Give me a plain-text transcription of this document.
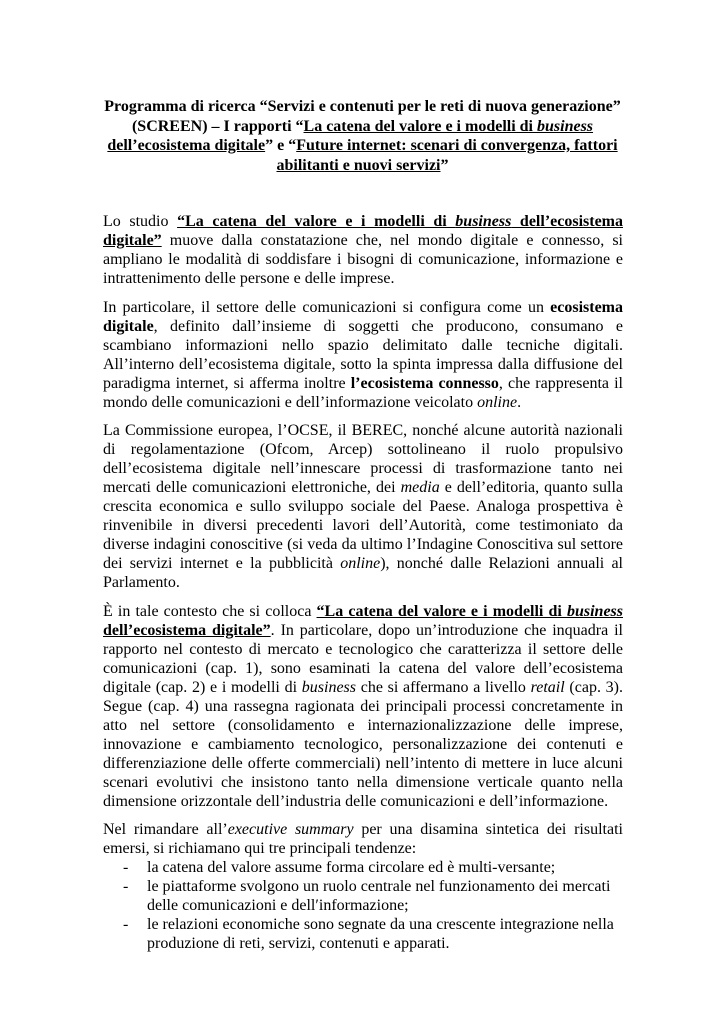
Programma di ricerca “Servizi e contenuti per le reti di nuova generazione” (SCREEN) – I rapporti “La catena del valore e i modelli di business dell’ecosistema digitale” e “Future internet: scenari di convergenza, fattori abilitanti e nuovi servizi”

Lo studio “La catena del valore e i modelli di business dell’ecosistema digitale” muove dalla constatazione che, nel mondo digitale e connesso, si ampliano le modalità di soddisfare i bisogni di comunicazione, informazione e intrattenimento delle persone e delle imprese.

In particolare, il settore delle comunicazioni si configura come un ecosistema digitale, definito dall’insieme di soggetti che producono, consumano e scambiano informazioni nello spazio delimitato dalle tecniche digitali. All’interno dell’ecosistema digitale, sotto la spinta impressa dalla diffusione del paradigma internet, si afferma inoltre l’ecosistema connesso, che rappresenta il mondo delle comunicazioni e dell’informazione veicolato online.

La Commissione europea, l’OCSE, il BEREC, nonché alcune autorità nazionali di regolamentazione (Ofcom, Arcep) sottolineano il ruolo propulsivo dell’ecosistema digitale nell’innescare processi di trasformazione tanto nei mercati delle comunicazioni elettroniche, dei media e dell’editoria, quanto sulla crescita economica e sullo sviluppo sociale del Paese. Analoga prospettiva è rinvenibile in diversi precedenti lavori dell’Autorità, come testimoniato da diverse indagini conoscitive (si veda da ultimo l’Indagine Conoscitiva sul settore dei servizi internet e la pubblicità online), nonché dalle Relazioni annuali al Parlamento.

È in tale contesto che si colloca “La catena del valore e i modelli di business dell’ecosistema digitale”. In particolare, dopo un’introduzione che inquadra il rapporto nel contesto di mercato e tecnologico che caratterizza il settore delle comunicazioni (cap. 1), sono esaminati la catena del valore dell’ecosistema digitale (cap. 2) e i modelli di business che si affermano a livello retail (cap. 3). Segue (cap. 4) una rassegna ragionata dei principali processi concretamente in atto nel settore (consolidamento e internazionalizzazione delle imprese, innovazione e cambiamento tecnologico, personalizzazione dei contenuti e differenziazione delle offerte commerciali) nell’intento di mettere in luce alcuni scenari evolutivi che insistono tanto nella dimensione verticale quanto nella dimensione orizzontale dell’industria delle comunicazioni e dell’informazione.

Nel rimandare all’executive summary per una disamina sintetica dei risultati emersi, si richiamano qui tre principali tendenze:

- la catena del valore assume forma circolare ed è multi-versante;
- le piattaforme svolgono un ruolo centrale nel funzionamento dei mercati delle comunicazioni e dell′informazione;
- le relazioni economiche sono segnate da una crescente integrazione nella produzione di reti, servizi, contenuti e apparati.
